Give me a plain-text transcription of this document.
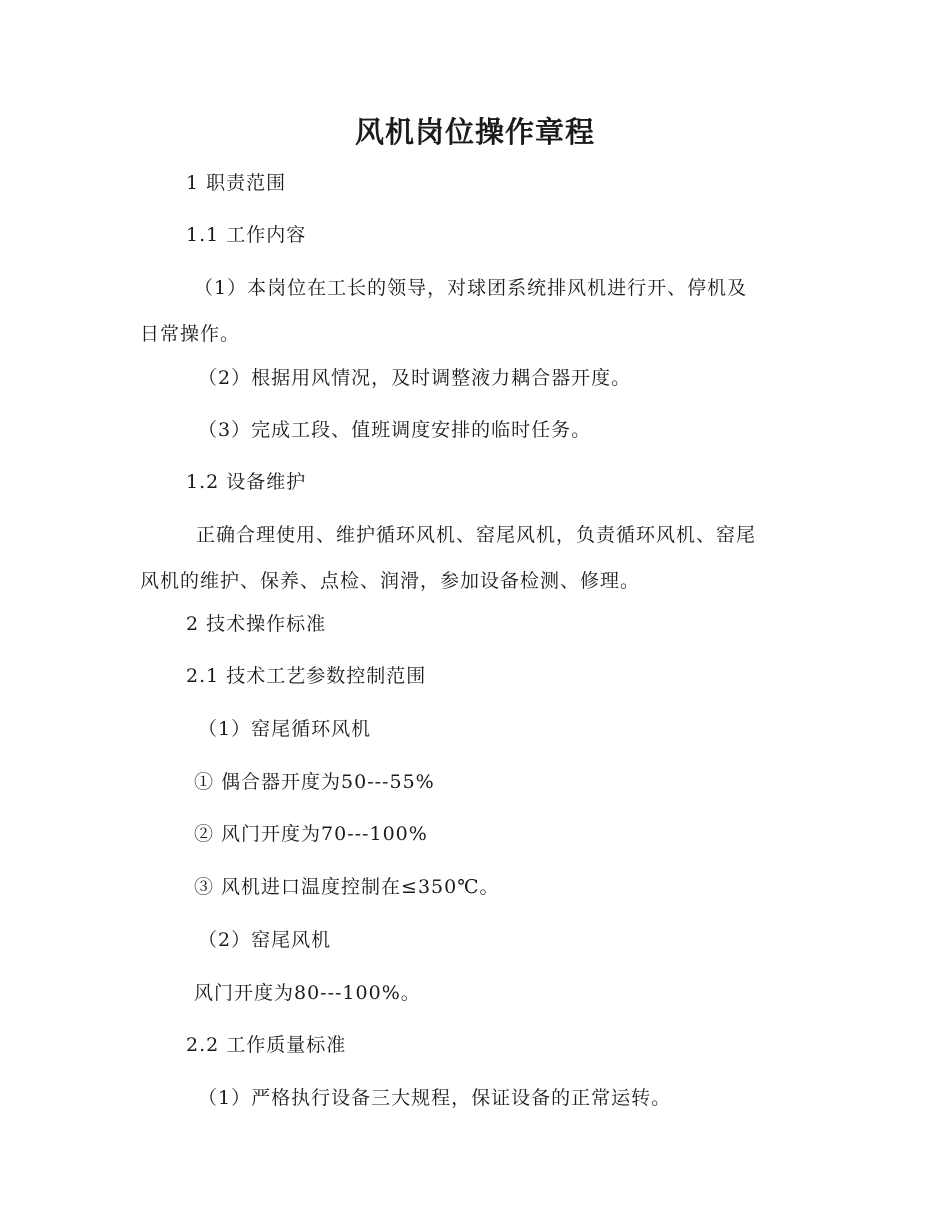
风机岗位操作章程
1 职责范围
1.1 工作内容
（1）本岗位在工长的领导，对球团系统排风机进行开、停机及
日常操作。
（2）根据用风情况，及时调整液力耦合器开度。
（3）完成工段、值班调度安排的临时任务。
1.2 设备维护
正确合理使用、维护循环风机、窑尾风机，负责循环风机、窑尾
风机的维护、保养、点检、润滑，参加设备检测、修理。
2 技术操作标准
2.1 技术工艺参数控制范围
（1）窑尾循环风机
① 偶合器开度为50---55%
② 风门开度为70---100%
③ 风机进口温度控制在≤350℃。
（2）窑尾风机
风门开度为80---100%。
2.2 工作质量标准
（1）严格执行设备三大规程，保证设备的正常运转。
